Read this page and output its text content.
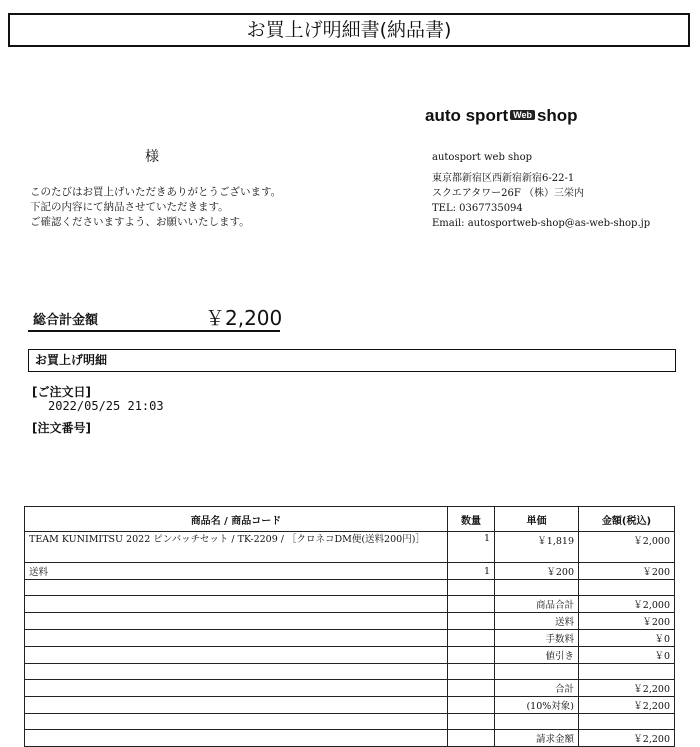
お買上げ明細書(納品書)
様
このたびはお買上げいただきありがとうございます。
下記の内容にて納品させていただきます。
ご確認くださいますよう、お願いいたします。
auto sport Web shop
autosport web shop
東京都新宿区西新宿新宿6-22-1
スクエアタワー26F （株）三栄内
TEL: 0367735094
Email: autosportweb-shop@as-web-shop.jp
総合計金額	￥2,200
お買上げ明細
[ご注文日]
2022/05/25 21:03
[注文番号]
商品名 / 商品コード	数量	単価	金額(税込)
TEAM KUNIMITSU 2022 ピンバッチセット / TK-2209 / ［クロネコDM便(送料200円)］	1	￥1,819	￥2,000
送料	1	￥200	￥200

		商品合計	￥2,000
		送料	￥200
		手数料	￥0
		値引き	￥0

		合計	￥2,200
		(10%対象)	￥2,200

		請求金額	￥2,200
